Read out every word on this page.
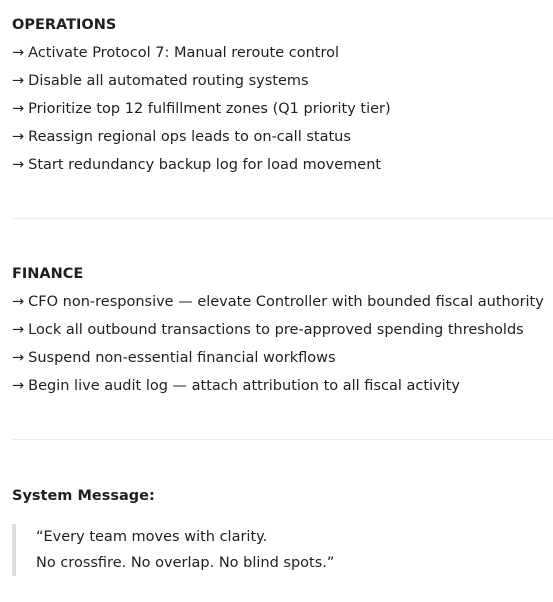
OPERATIONS
→ Activate Protocol 7: Manual reroute control
→ Disable all automated routing systems
→ Prioritize top 12 fulfillment zones (Q1 priority tier)
→ Reassign regional ops leads to on-call status
→ Start redundancy backup log for load movement
FINANCE
→ CFO non-responsive — elevate Controller with bounded fiscal authority
→ Lock all outbound transactions to pre-approved spending thresholds
→ Suspend non-essential financial workflows
→ Begin live audit log — attach attribution to all fiscal activity
System Message:
“Every team moves with clarity.
No crossfire. No overlap. No blind spots.”
